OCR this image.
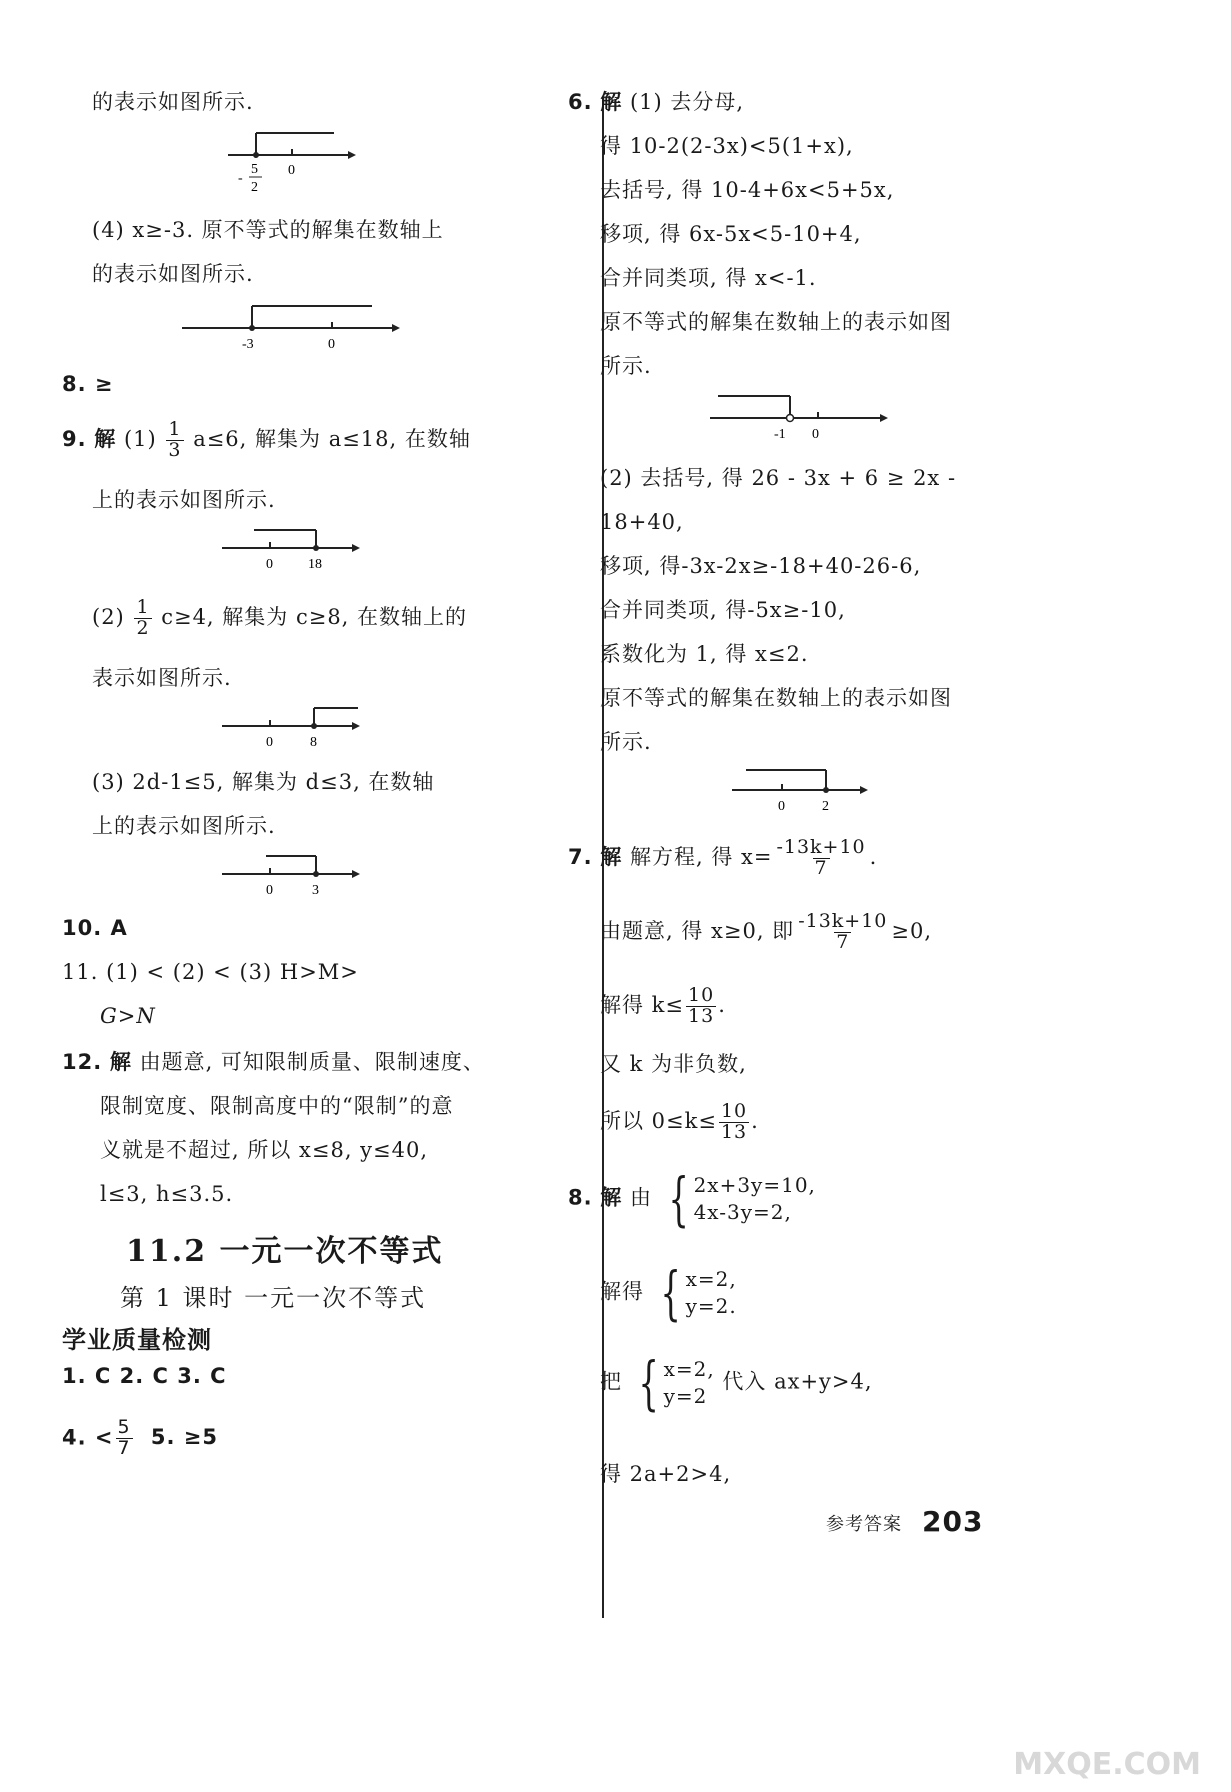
的表示如图所示.
-
5
2
0
(4) x≥-3. 原不等式的解集在数轴上
的表示如图所示.
-3	0
8. ≥
9. 解 $(1) \frac{1}{3} a\le 6$, 解集为 a≤18, 在数轴
上的表示如图所示.
0	18
$(2) \frac{1}{2} c\ge 4$, 解集为 c≥8, 在数轴上的
表示如图所示.
0	8
(3) 2d-1≤5, 解集为 d≤3, 在数轴
上的表示如图所示.
0	3
10. A
11. (1) < (2) < (3) H>M>
G>N
12. 解 由题意, 可知限制质量、限制速度、
限制宽度、限制高度中的“限制”的意
义就是不超过, 所以 x≤8, y≤40,
l≤3, h≤3.5.
11.2 一元一次不等式
第 1 课时 一元一次不等式
学业质量检测
1. C 2. C 3. C
4. < $\frac{5}{7} 5$. ≥5
6. 解 (1) 去分母,
得 10-2(2-3x)<5(1+x),
去括号, 得 10-4+6x<5+5x,
移项, 得 6x-5x<5-10+4,
合并同类项, 得 x<-1.
原不等式的解集在数轴上的表示如图
所示.
-1 0
(2) 去括号, 得 26 - 3x + 6 ≥ 2x -
18+40,
移项, 得-3x-2x≥-18+40-26-6,
合并同类项, 得-5x≥-10,
系数化为 1, 得 x≤2.
原不等式的解集在数轴上的表示如图
所示.
0	2
7. 解 解方程, 得 $x= \frac{-13k+10}{7}$ .
由题意, 得 x≥0, 即 $\frac{-13k+10}{7} \ge 0$,
解得 $k\le \frac{10}{13}$ .
又 k 为非负数,
所以 $0\le k\le \frac{10}{13}$ .
8. 解 由 { 2x+3y=10,
4x-3y=2,
解得 { x=2,
y=2.
把 { x=2,
y=2
代入 ax+y>4,
得 2a+2>4,
参考答案 203
MXQE.COM
